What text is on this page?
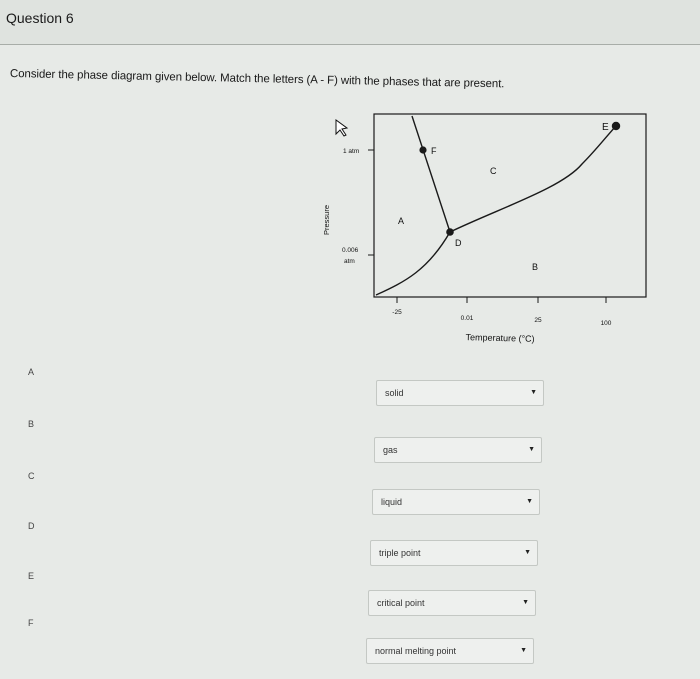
Question 6
Consider the phase diagram given below. Match the letters (A - F) with the phases that are present.
1 atm
0.006
atm
Pressure
-25
0.01	25	100
Temperature (°C)
A
B
C
D
E
F
A
solid	▼
B
gas	▼
C
liquid	▼
D
triple point	▼
E
critical point	▼
F
normal melting point	▼
